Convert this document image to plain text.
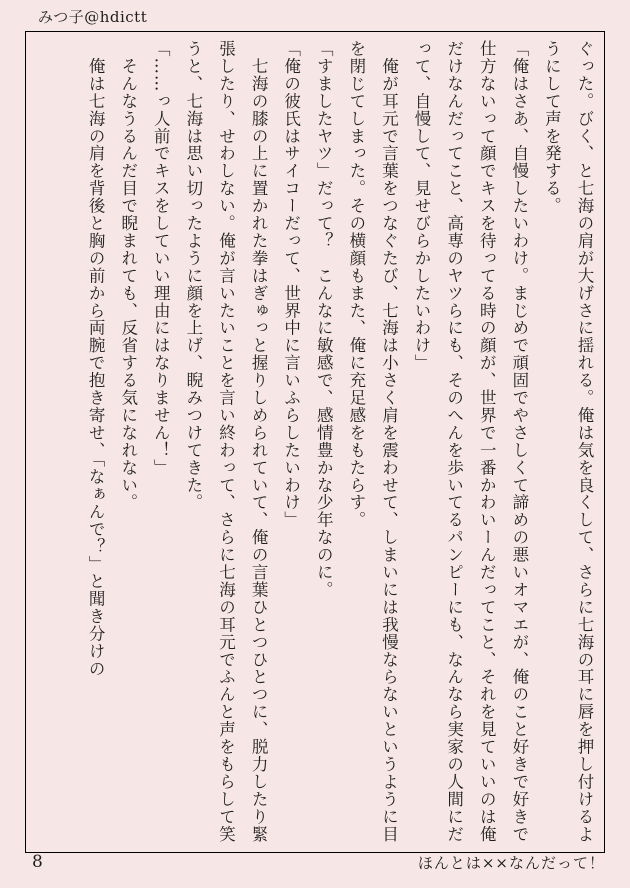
みつ子@hdictt

ぐった。びく、と七海の肩が大げさに揺れる。俺は気を良くして、さらに七海の耳に唇を押し付けるようにして声を発する。

「俺はさあ、自慢したいわけ。まじめで頑固でやさしくて諦めの悪いオマエが、俺のこと好きで好きで仕方ないって顔でキスを待ってる時の顔が、世界で一番かわいーんだってこと、それを見ていいのは俺だけなんだってこと、高専のヤツらにも、そのへんを歩いてるパンピーにも、なんなら実家の人間にだって、自慢して、見せびらかしたいわけ」

　俺が耳元で言葉をつなぐたび、七海は小さく肩を震わせて、しまいには我慢ならないというように目を閉じてしまった。その横顔もまた、俺に充足感をもたらす。

「すましたヤツ」だって？　こんなに敏感で、感情豊かな少年なのに。

「俺の彼氏はサイコーだって、世界中に言いふらしたいわけ」

　七海の膝の上に置かれた拳はぎゅっと握りしめられていて、俺の言葉ひとつひとつに、脱力したり緊張したり、せわしない。俺が言いたいことを言い終わって、さらに七海の耳元でふんと声をもらして笑うと、七海は思い切ったように顔を上げ、睨みつけてきた。

「……っ人前でキスをしていい理由にはなりません！」

　そんなうるんだ目で睨まれても、反省する気になれない。

　俺は七海の肩を背後と胸の前から両腕で抱き寄せ、「なぁんで？」と聞き分けの

8	ほんとは××なんだって！
